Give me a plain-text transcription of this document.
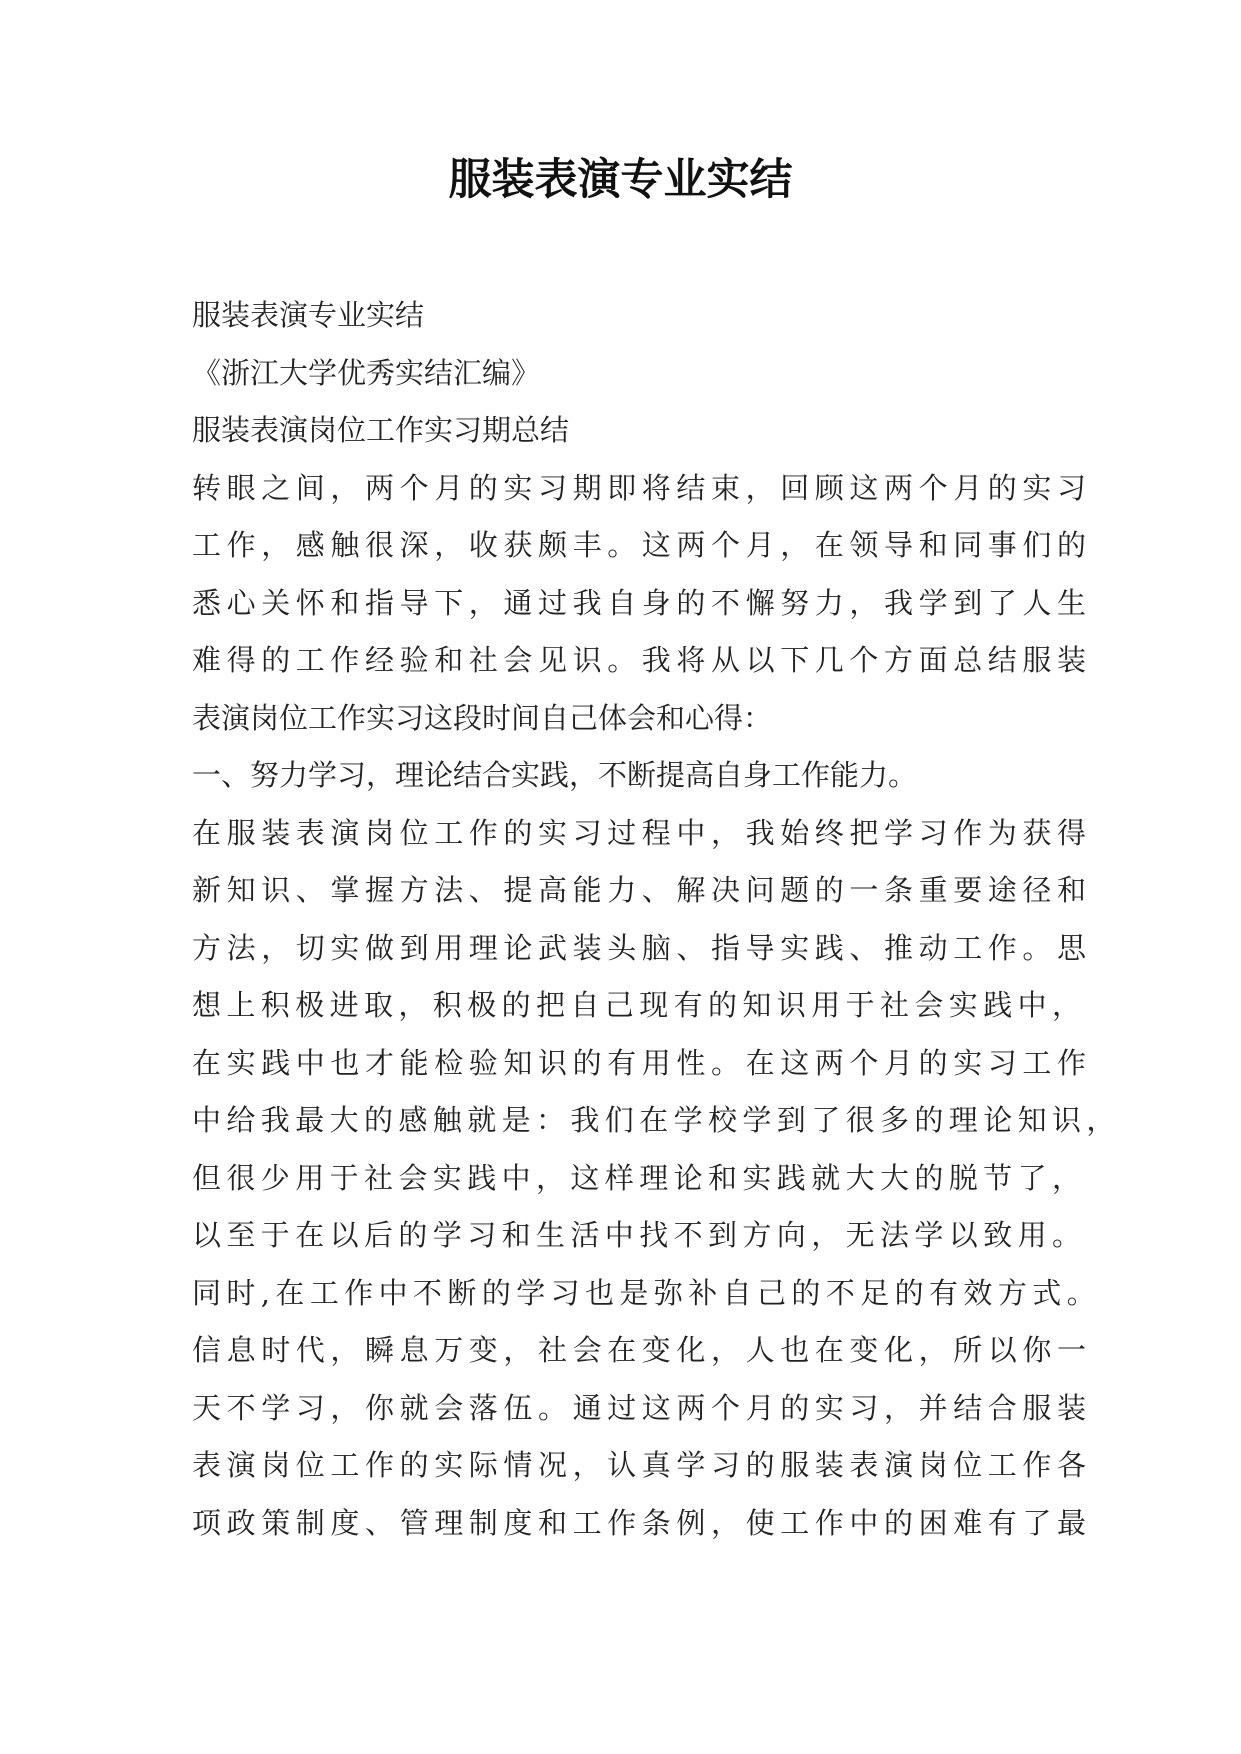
服装表演专业实结
服装表演专业实结
《浙江大学优秀实结汇编》
服装表演岗位工作实习期总结
转眼之间，两个月的实习期即将结束，回顾这两个月的实习
工作，感触很深，收获颇丰。这两个月，在领导和同事们的
悉心关怀和指导下，通过我自身的不懈努力，我学到了人生
难得的工作经验和社会见识。我将从以下几个方面总结服装
表演岗位工作实习这段时间自己体会和心得：
一、努力学习，理论结合实践，不断提高自身工作能力。
在服装表演岗位工作的实习过程中，我始终把学习作为获得
新知识、掌握方法、提高能力、解决问题的一条重要途径和
方法，切实做到用理论武装头脑、指导实践、推动工作。思
想上积极进取，积极的把自己现有的知识用于社会实践中，
在实践中也才能检验知识的有用性。在这两个月的实习工作
中给我最大的感触就是：我们在学校学到了很多的理论知识，
但很少用于社会实践中，这样理论和实践就大大的脱节了，
以至于在以后的学习和生活中找不到方向，无法学以致用。
同时,在工作中不断的学习也是弥补自己的不足的有效方式。
信息时代，瞬息万变，社会在变化，人也在变化，所以你一
天不学习，你就会落伍。通过这两个月的实习，并结合服装
表演岗位工作的实际情况，认真学习的服装表演岗位工作各
项政策制度、管理制度和工作条例，使工作中的困难有了最
